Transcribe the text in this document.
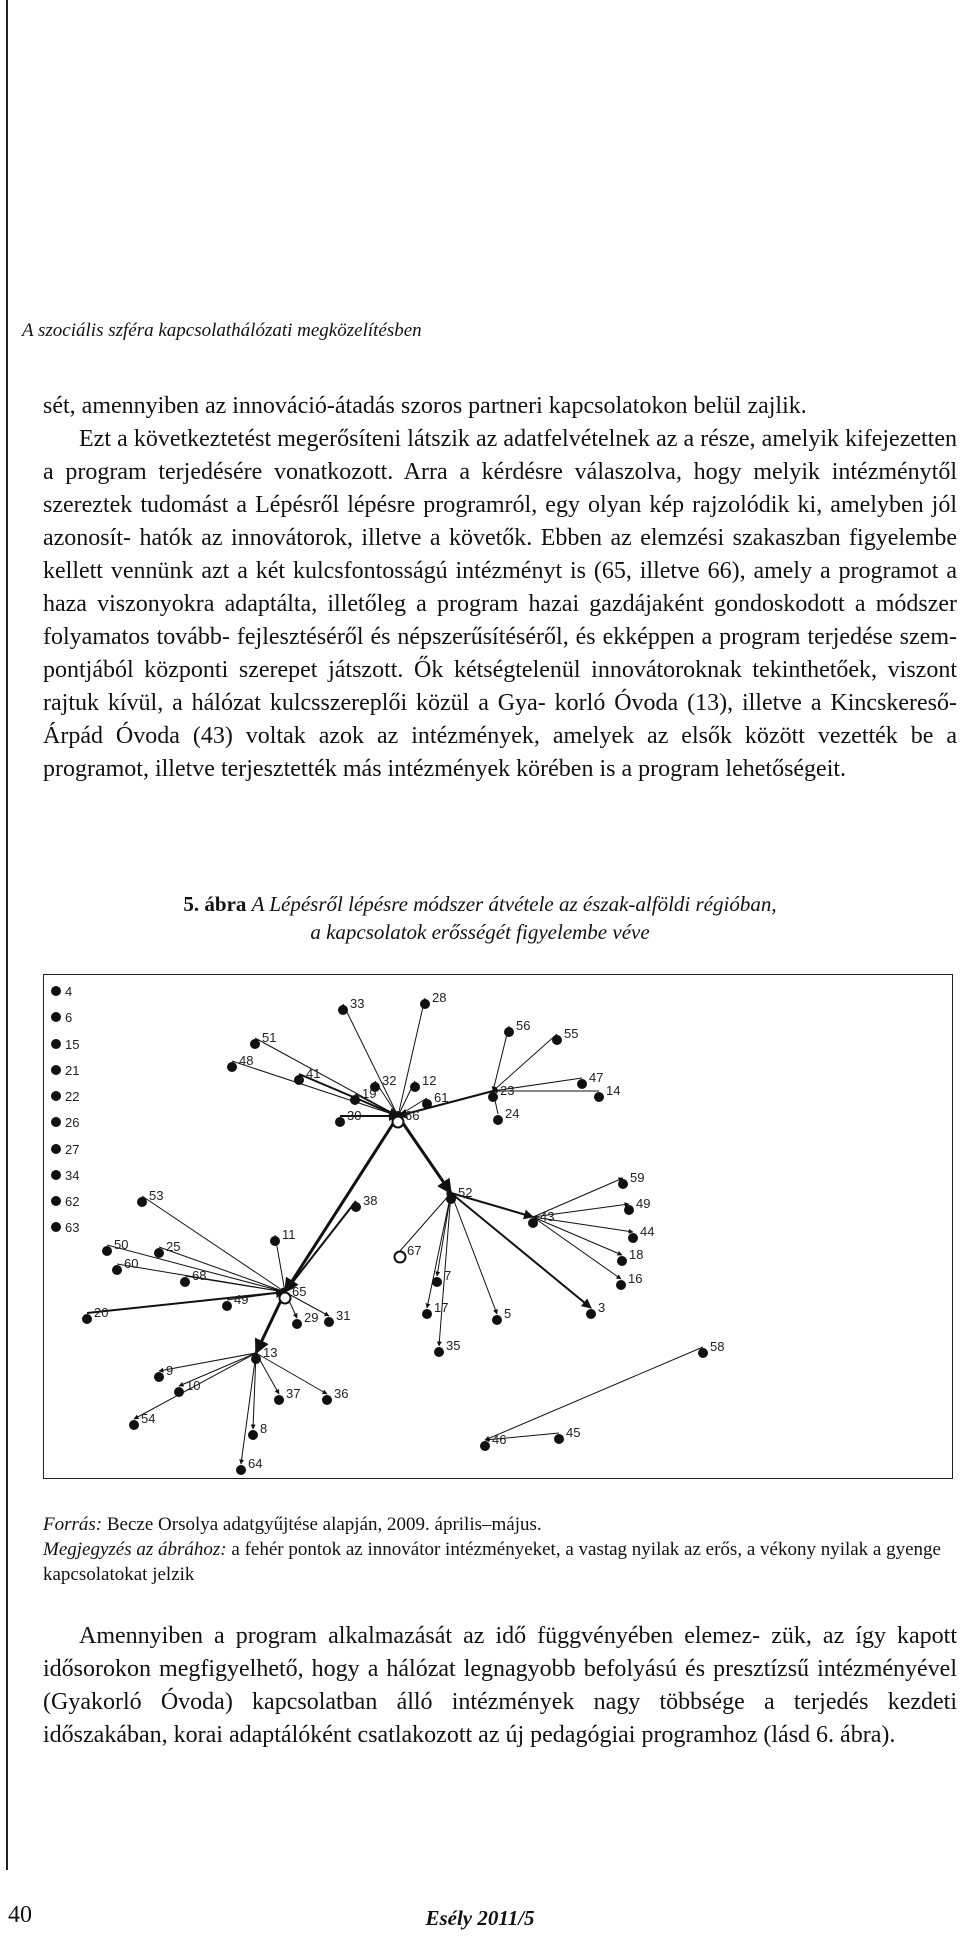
A szociális szféra kapcsolathálózati megközelítésben

sét, amennyiben az innováció-átadás szoros partneri kapcsolatokon belül zajlik.

Ezt a következtetést megerősíteni látszik az adatfelvételnek az a része, amelyik kifejezetten a program terjedésére vonatkozott. Arra a kérdésre válaszolva, hogy melyik intézménytől szereztek tudomást a Lépésről lépésre programról, egy olyan kép rajzolódik ki, amelyben jól azonosít- hatók az innovátorok, illetve a követők. Ebben az elemzési szakaszban figyelembe kellett vennünk azt a két kulcsfontosságú intézményt is (65, illetve 66), amely a programot a haza viszonyokra adaptálta, illetőleg a program hazai gazdájaként gondoskodott a módszer folyamatos tovább- fejlesztéséről és népszerűsítéséről, és ekképpen a program terjedése szem- pontjából központi szerepet játszott. Ők kétségtelenül innovátoroknak tekinthetőek, viszont rajtuk kívül, a hálózat kulcsszereplői közül a Gya- korló Óvoda (13), illetve a Kincskereső-Árpád Óvoda (43) voltak azok az intézmények, amelyek az elsők között vezették be a programot, illetve terjesztették más intézmények körében is a program lehetőségeit.

5. ábra A Lépésről lépésre módszer átvétele az észak-alföldi régióban,
a kapcsolatok erősségét figyelembe véve
4
6
15
21
22
26
27
34
62
63
33	28
56
55
51
48
41	32 12
23
47
14
19	61
24
30	66
59
53	52
38
43
49
50	25
11
67
44
60
18
68	7	16
65
49
20	29 31
17	5	3
35	58
9
13
10
37	36
54
8	45
46
64

Forrás: Becze Orsolya adatgyűjtése alapján, 2009. április–május.

Megjegyzés az ábrához: a fehér pontok az innovátor intézményeket, a vastag nyilak az erős, a vékony nyilak a gyenge kapcsolatokat jelzik

Amennyiben a program alkalmazását az idő függvényében elemez- zük, az így kapott idősorokon megfigyelhető, hogy a hálózat legnagyobb befolyású és presztízsű intézményével (Gyakorló Óvoda) kapcsolatban álló intézmények nagy többsége a terjedés kezdeti időszakában, korai adaptálóként csatlakozott az új pedagógiai programhoz (lásd 6. ábra).
40	Esély 2011/5
